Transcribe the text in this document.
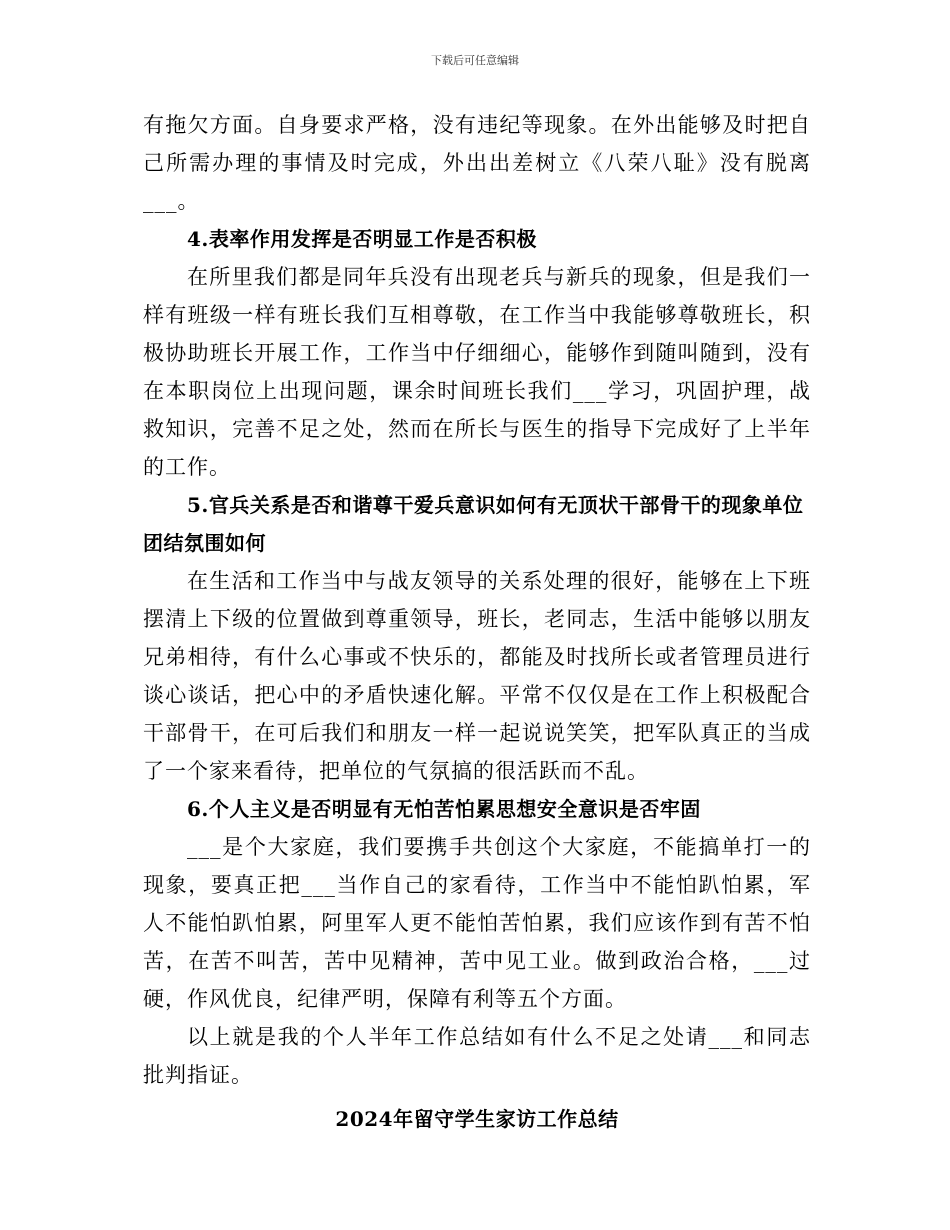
下载后可任意编辑

有拖欠方面。自身要求严格，没有违纪等现象。在外出能够及时把自己所需办理的事情及时完成，外出出差树立《八荣八耻》没有脱离___。

4.表率作用发挥是否明显工作是否积极

在所里我们都是同年兵没有出现老兵与新兵的现象，但是我们一样有班级一样有班长我们互相尊敬，在工作当中我能够尊敬班长，积极协助班长开展工作，工作当中仔细细心，能够作到随叫随到，没有在本职岗位上出现问题，课余时间班长我们___学习，巩固护理，战救知识，完善不足之处，然而在所长与医生的指导下完成好了上半年的工作。

5.官兵关系是否和谐尊干爱兵意识如何有无顶状干部骨干的现象单位团结氛围如何

在生活和工作当中与战友领导的关系处理的很好，能够在上下班摆清上下级的位置做到尊重领导，班长，老同志，生活中能够以朋友兄弟相待，有什么心事或不快乐的，都能及时找所长或者管理员进行谈心谈话，把心中的矛盾快速化解。平常不仅仅是在工作上积极配合干部骨干，在可后我们和朋友一样一起说说笑笑，把军队真正的当成了一个家来看待，把单位的气氛搞的很活跃而不乱。

6.个人主义是否明显有无怕苦怕累思想安全意识是否牢固

___是个大家庭，我们要携手共创这个大家庭，不能搞单打一的现象，要真正把___当作自己的家看待，工作当中不能怕趴怕累，军人不能怕趴怕累，阿里军人更不能怕苦怕累，我们应该作到有苦不怕苦，在苦不叫苦，苦中见精神，苦中见工业。做到政治合格，___过硬，作风优良，纪律严明，保障有利等五个方面。

以上就是我的个人半年工作总结如有什么不足之处请___和同志批判指证。

2024年留守学生家访工作总结
